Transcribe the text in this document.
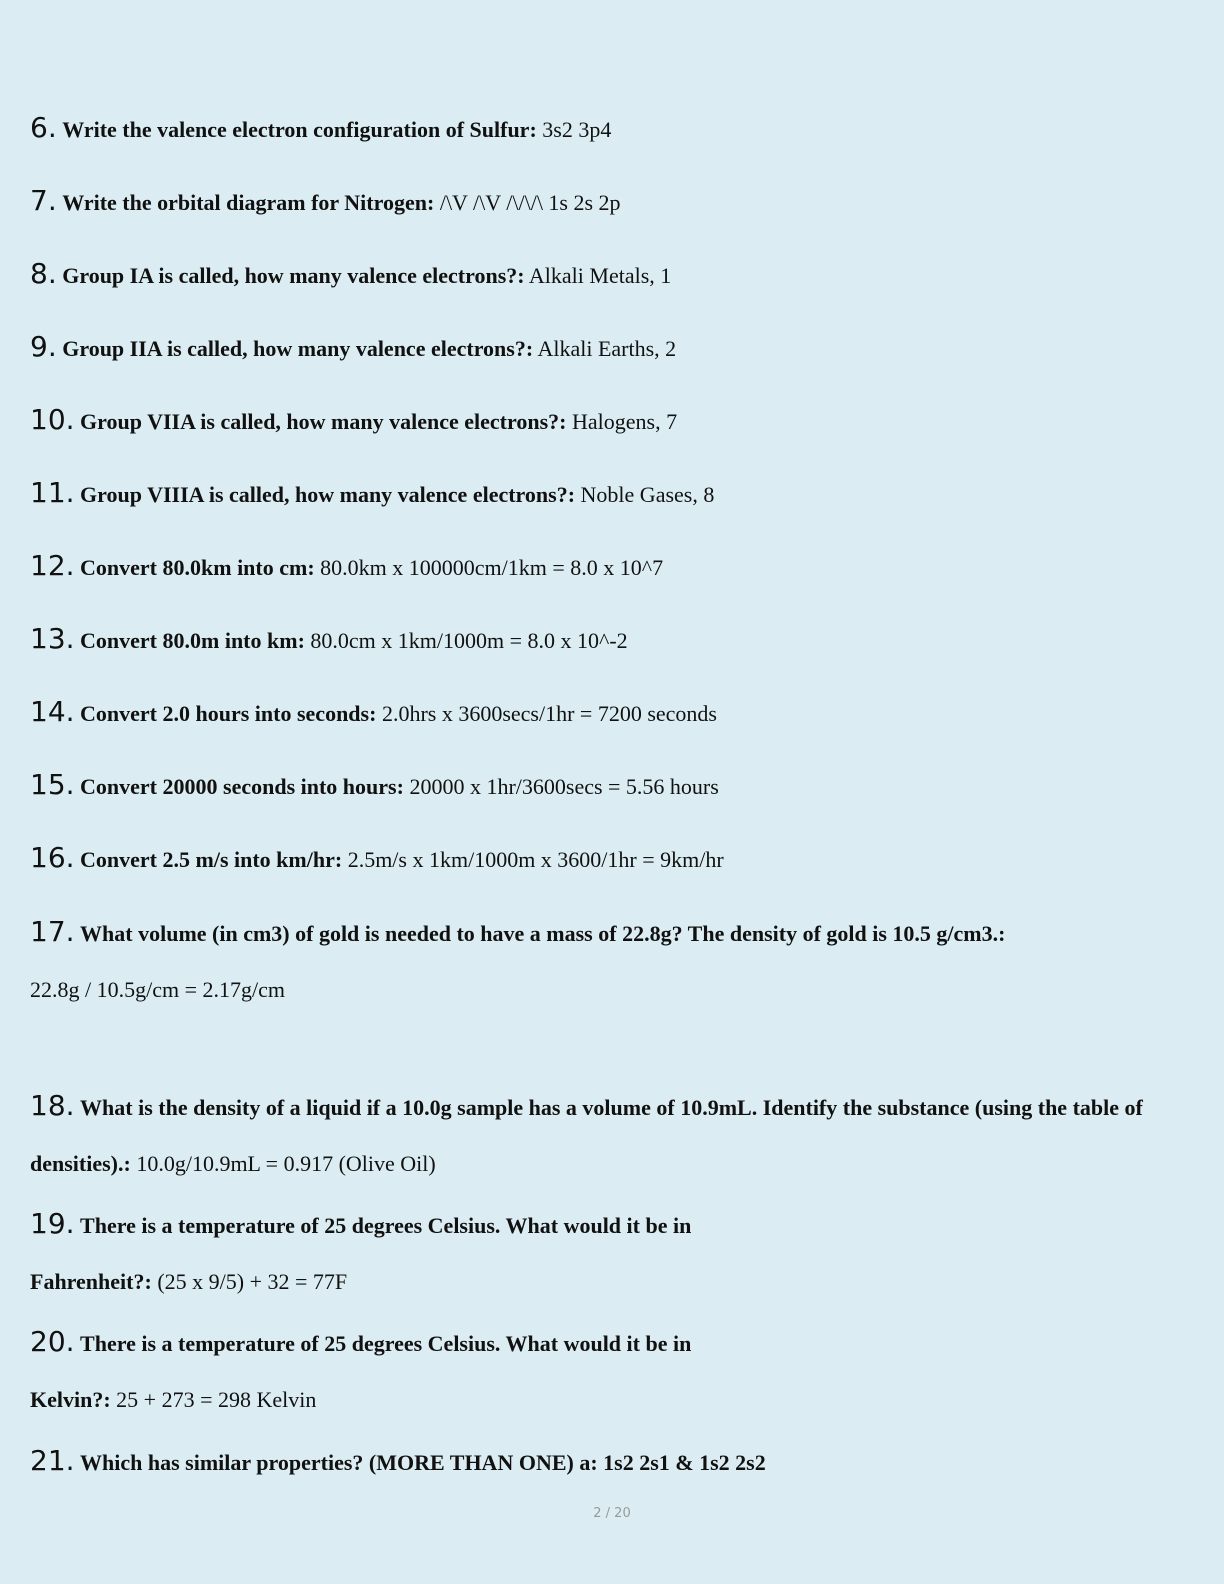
6. Write the valence electron configuration of Sulfur: 3s2 3p4
7. Write the orbital diagram for Nitrogen: /\V /\V /\/\/\ 1s 2s 2p
8. Group IA is called, how many valence electrons?: Alkali Metals, 1
9. Group IIA is called, how many valence electrons?: Alkali Earths, 2
10. Group VIIA is called, how many valence electrons?: Halogens, 7
11. Group VIIIA is called, how many valence electrons?: Noble Gases, 8
12. Convert 80.0km into cm: 80.0km x 100000cm/1km = 8.0 x 10^7
13. Convert 80.0m into km: 80.0cm x 1km/1000m = 8.0 x 10^-2
14. Convert 2.0 hours into seconds: 2.0hrs x 3600secs/1hr = 7200 seconds
15. Convert 20000 seconds into hours: 20000 x 1hr/3600secs = 5.56 hours
16. Convert 2.5 m/s into km/hr: 2.5m/s x 1km/1000m x 3600/1hr = 9km/hr
17. What volume (in cm3) of gold is needed to have a mass of 22.8g? The density of gold is 10.5 g/cm3.:
22.8g / 10.5g/cm = 2.17g/cm
18. What is the density of a liquid if a 10.0g sample has a volume of 10.9mL. Identify the substance (using the table of densities).: 10.0g/10.9mL = 0.917 (Olive Oil)
19. There is a temperature of 25 degrees Celsius. What would it be in Fahrenheit?: (25 x 9/5) + 32 = 77F
20. There is a temperature of 25 degrees Celsius. What would it be in Kelvin?: 25 + 273 = 298 Kelvin
21. Which has similar properties? (MORE THAN ONE) a: 1s2 2s1 & 1s2 2s2
2 / 20
